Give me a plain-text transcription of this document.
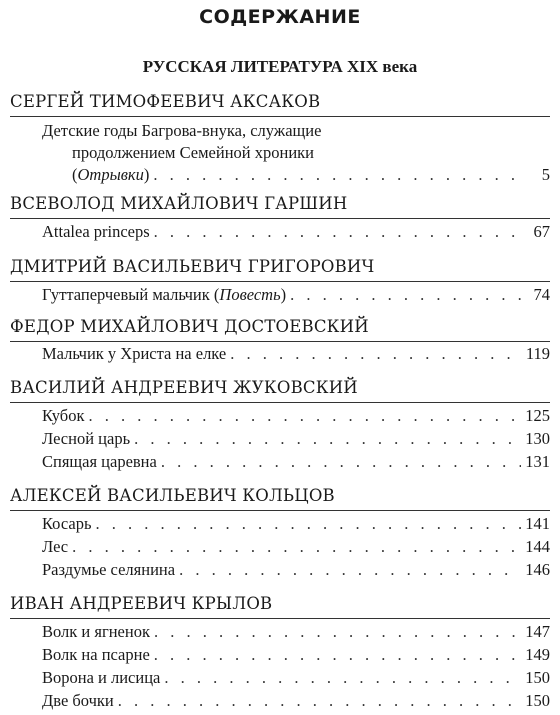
СОДЕРЖАНИЕ
РУССКАЯ ЛИТЕРАТУРА XIX века
СЕРГЕЙ ТИМОФЕЕВИЧ АКСАКОВ
Детские годы Багрова-внука, служащие
продолжением Семейной хроники
(Отрывки) . . .	5
ВСЕВОЛОД МИХАЙЛОВИЧ ГАРШИН
Attalea princeps . . .	67
ДМИТРИЙ ВАСИЛЬЕВИЧ ГРИГОРОВИЧ
Гуттаперчевый мальчик (Повесть) . . .	74
ФЕДОР МИХАЙЛОВИЧ ДОСТОЕВСКИЙ
Мальчик у Христа на елке . . .	119
ВАСИЛИЙ АНДРЕЕВИЧ ЖУКОВСКИЙ
Кубок . . .	125
Лесной царь . . .	130
Спящая царевна . . .	131
АЛЕКСЕЙ ВАСИЛЬЕВИЧ КОЛЬЦОВ
Косарь . . .	141
Лес . . .	144
Раздумье селянина . . .	146
ИВАН АНДРЕЕВИЧ КРЫЛОВ
Волк и ягненок . . .	147
Волк на псарне . . .	149
Ворона и лисица . . .	150
Две бочки . . .	150
